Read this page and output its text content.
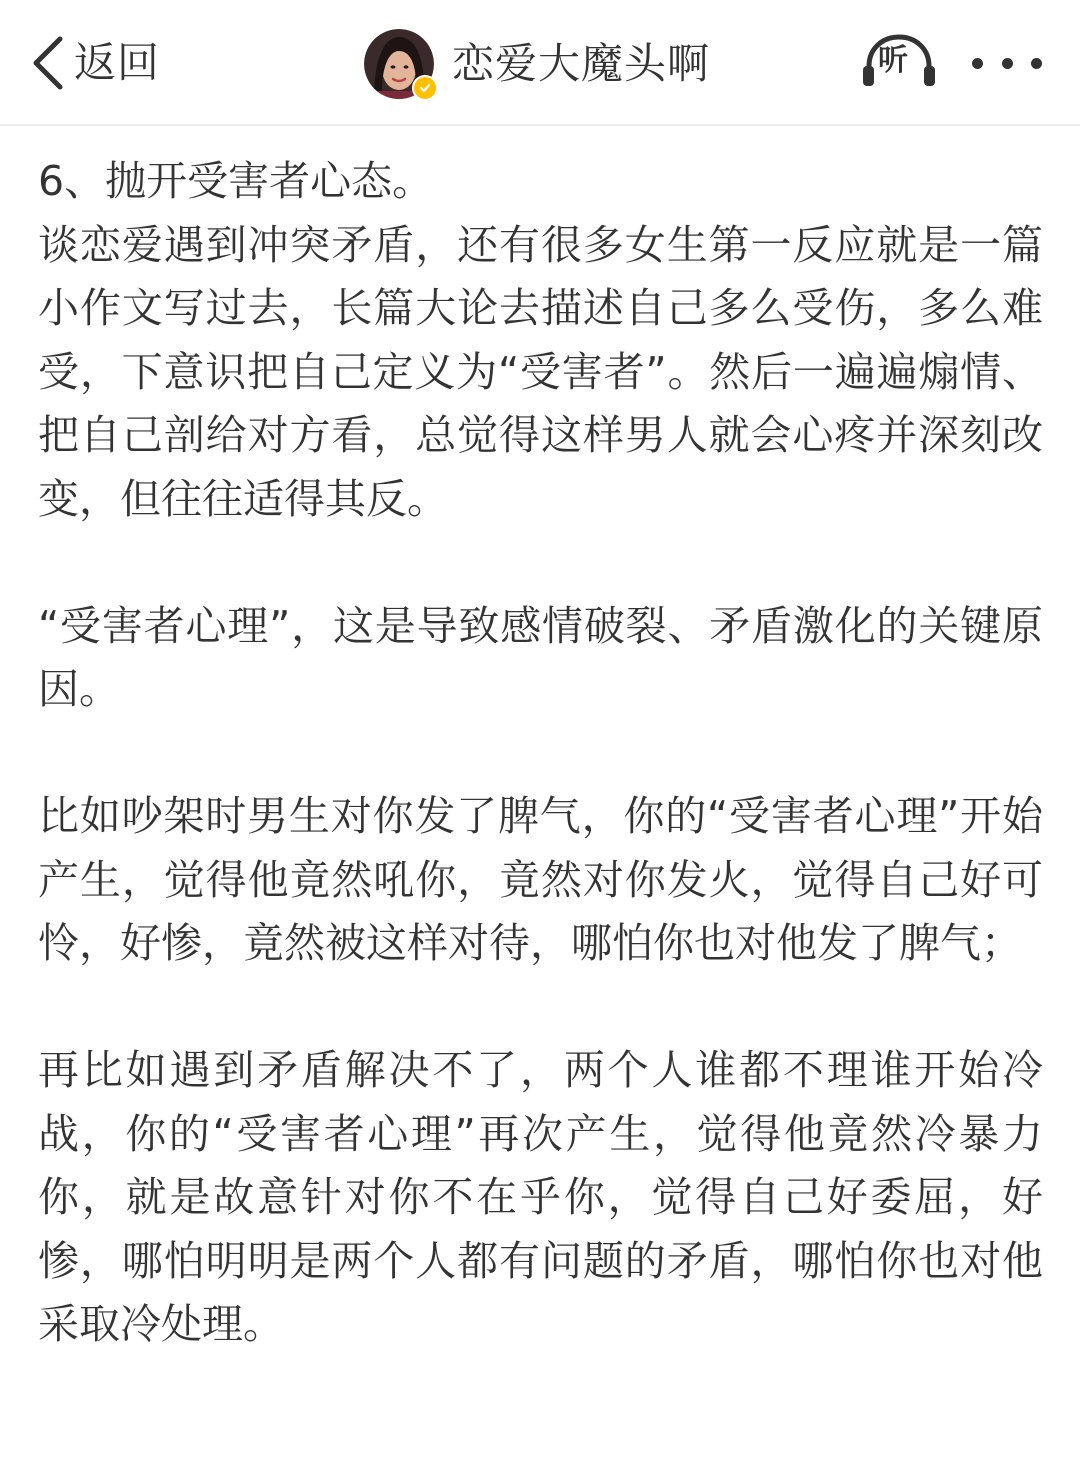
返回	恋爱大魔头啊	听

6、抛开受害者心态。

谈恋爱遇到冲突矛盾，还有很多女生第一反应就是一篇小作文写过去，长篇大论去描述自己多么受伤，多么难受，下意识把自己定义为“受害者”。然后一遍遍煽情、把自己剖给对方看，总觉得这样男人就会心疼并深刻改变，但往往适得其反。

“受害者心理”，这是导致感情破裂、矛盾激化的关键原因。

比如吵架时男生对你发了脾气，你的“受害者心理”开始产生，觉得他竟然吼你，竟然对你发火，觉得自己好可怜，好惨，竟然被这样对待，哪怕你也对他发了脾气；

再比如遇到矛盾解决不了，两个人谁都不理谁开始冷战，你的“受害者心理”再次产生，觉得他竟然冷暴力你，就是故意针对你不在乎你，觉得自己好委屈，好惨，哪怕明明是两个人都有问题的矛盾，哪怕你也对他采取冷处理。
